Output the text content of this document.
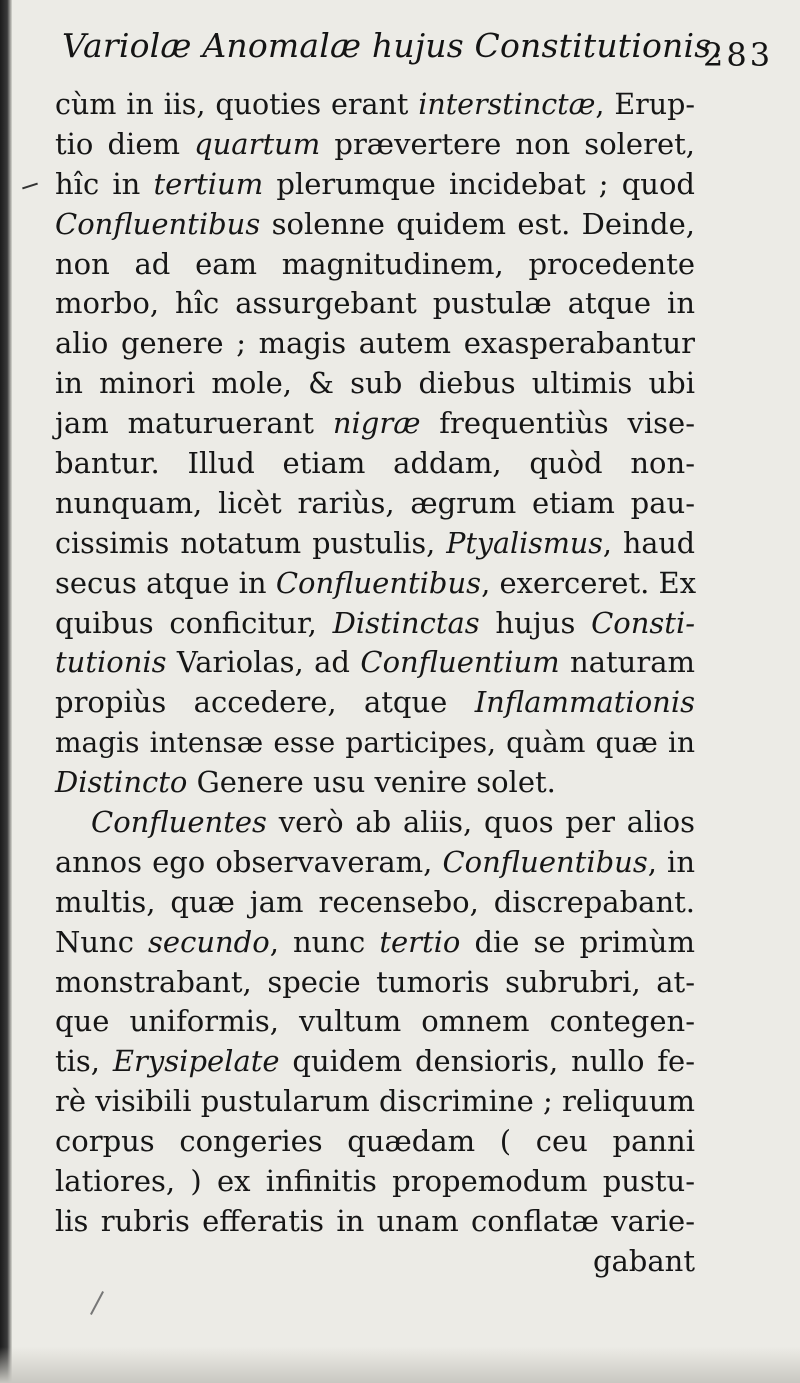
Variolæ Anomalæ hujus Constitutionis.
283
cùm in iis, quoties erant interstinctæ, Erup-
tio diem quartum prævertere non soleret,
hîc in tertium plerumque incidebat ; quod
Confluentibus solenne quidem est. Deinde,
non ad eam magnitudinem, procedente
morbo, hîc assurgebant pustulæ atque in
alio genere ; magis autem exasperabantur
in minori mole, & sub diebus ultimis ubi
jam maturuerant nigræ frequentiùs vise-
bantur. Illud etiam addam, quòd non-
nunquam, licèt rariùs, ægrum etiam pau-
cissimis notatum pustulis, Ptyalismus, haud
secus atque in Confluentibus, exerceret. Ex
quibus conficitur, Distinctas hujus Consti-
tutionis Variolas, ad Confluentium naturam
propiùs accedere, atque Inflammationis
magis intensæ esse participes, quàm quæ in
Distincto Genere usu venire solet.
Confluentes verò ab aliis, quos per alios
annos ego observaveram, Confluentibus, in
multis, quæ jam recensebo, discrepabant.
Nunc secundo, nunc tertio die se primùm
monstrabant, specie tumoris subrubri, at-
que uniformis, vultum omnem contegen-
tis, Erysipelate quidem densioris, nullo fe-
rè visibili pustularum discrimine ; reliquum
corpus congeries quædam ( ceu panni
latiores, ) ex infinitis propemodum pustu-
lis rubris efferatis in unam conflatæ varie-
gabant
